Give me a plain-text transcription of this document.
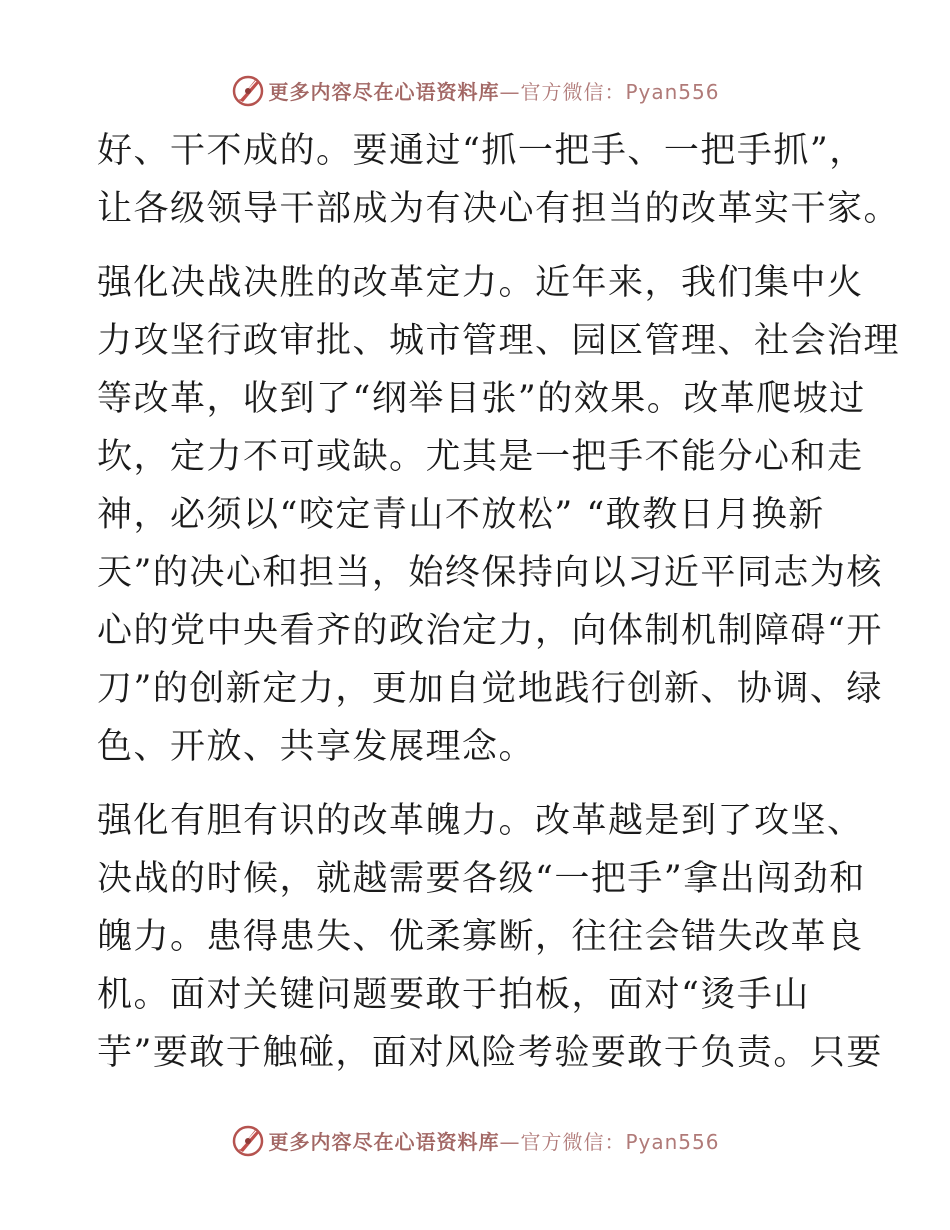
更多内容尽在心语资料库—官方微信：Pyan556
好、干不成的。要通过“抓一把手、一把手抓”，
让各级领导干部成为有决心有担当的改革实干家。
强化决战决胜的改革定力。近年来，我们集中火
力攻坚行政审批、城市管理、园区管理、社会治理
等改革，收到了“纲举目张”的效果。改革爬坡过
坎，定力不可或缺。尤其是一把手不能分心和走
神，必须以“咬定青山不放松” “敢教日月换新
天”的决心和担当，始终保持向以习近平同志为核
心的党中央看齐的政治定力，向体制机制障碍“开
刀”的创新定力，更加自觉地践行创新、协调、绿
色、开放、共享发展理念。
强化有胆有识的改革魄力。改革越是到了攻坚、
决战的时候，就越需要各级“一把手”拿出闯劲和
魄力。患得患失、优柔寡断，往往会错失改革良
机。面对关键问题要敢于拍板，面对“烫手山
芋”要敢于触碰，面对风险考验要敢于负责。只要
更多内容尽在心语资料库—官方微信：Pyan556
